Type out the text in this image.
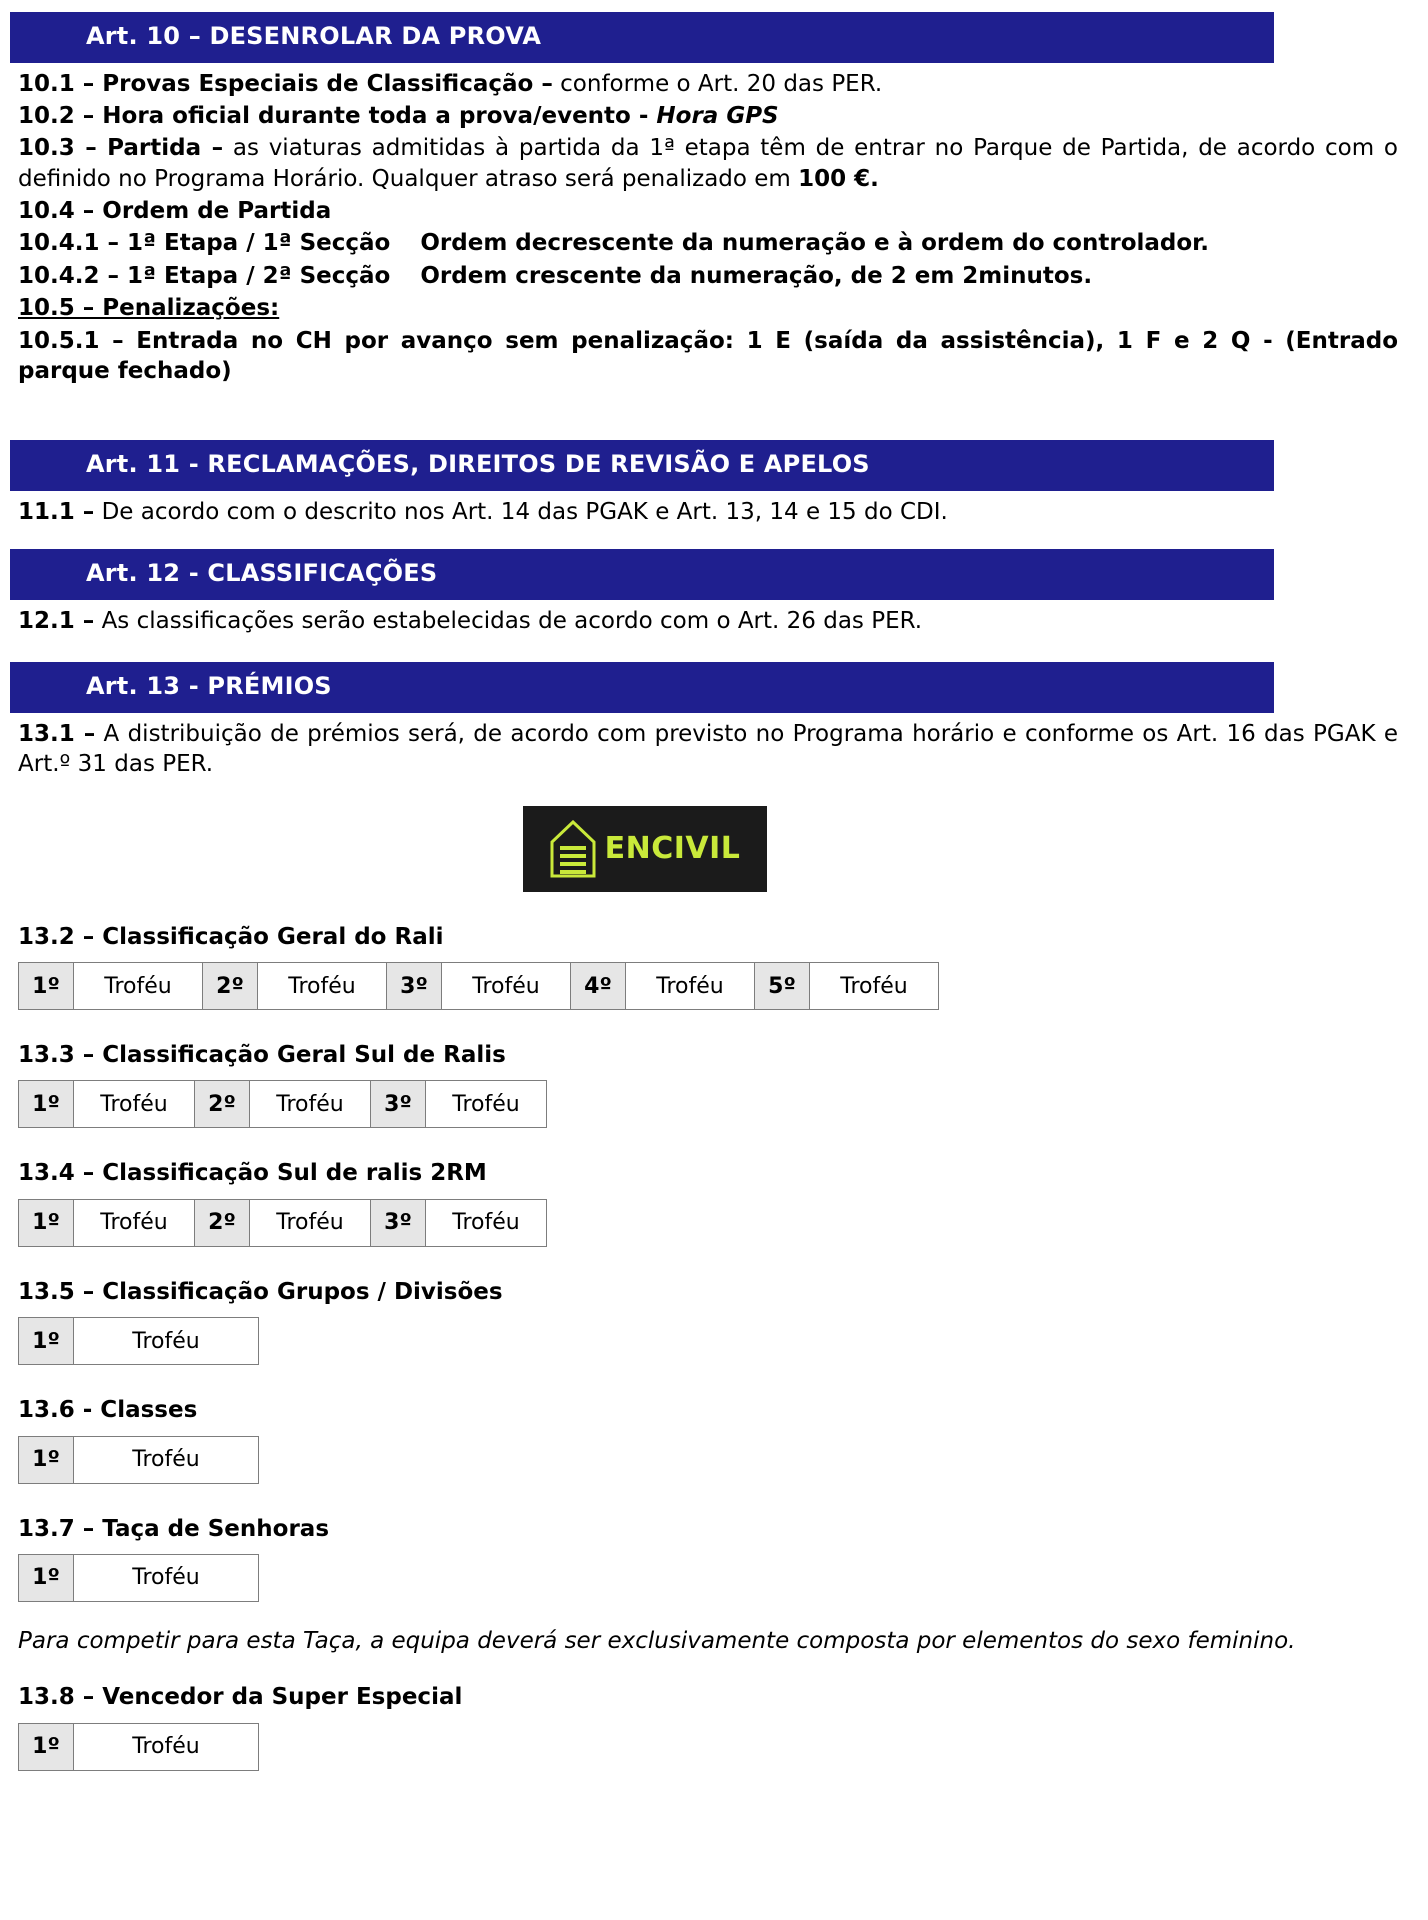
Art. 10 – DESENROLAR DA PROVA

10.1 – Provas Especiais de Classificação – conforme o Art. 20 das PER.

10.2 – Hora oficial durante toda a prova/evento - Hora GPS

10.3 – Partida – as viaturas admitidas à partida da 1ª etapa têm de entrar no Parque de Partida, de acordo com o definido no Programa Horário. Qualquer atraso será penalizado em 100 €.

10.4 – Ordem de Partida

10.4.1 – 1ª Etapa / 1ª Secção Ordem decrescente da numeração e à ordem do controlador.

10.4.2 – 1ª Etapa / 2ª Secção Ordem crescente da numeração, de 2 em 2minutos.

10.5 – Penalizações:

10.5.1 – Entrada no CH por avanço sem penalização: 1 E (saída da assistência), 1 F e 2 Q - (Entrado parque fechado)

Art. 11 - RECLAMAÇÕES, DIREITOS DE REVISÃO E APELOS

11.1 – De acordo com o descrito nos Art. 14 das PGAK e Art. 13, 14 e 15 do CDI.

Art. 12 - CLASSIFICAÇÕES

12.1 – As classificações serão estabelecidas de acordo com o Art. 26 das PER.

Art. 13 - PRÉMIOS

13.1 – A distribuição de prémios será, de acordo com previsto no Programa horário e conforme os Art. 16 das PGAK e Art.º 31 das PER.

ENCIVIL
13.2 – Classificação Geral do Rali
1º	Troféu	2º	Troféu	3º	Troféu	4º	Troféu	5º	Troféu
13.3 – Classificação Geral Sul de Ralis
1º	Troféu	2º	Troféu	3º	Troféu
13.4 – Classificação Sul de ralis 2RM
1º	Troféu	2º	Troféu	3º	Troféu
13.5 – Classificação Grupos / Divisões
1º	Troféu
13.6 - Classes
1º	Troféu
13.7 – Taça de Senhoras
1º	Troféu

Para competir para esta Taça, a equipa deverá ser exclusivamente composta por elementos do sexo feminino.

13.8 – Vencedor da Super Especial
1º	Troféu
